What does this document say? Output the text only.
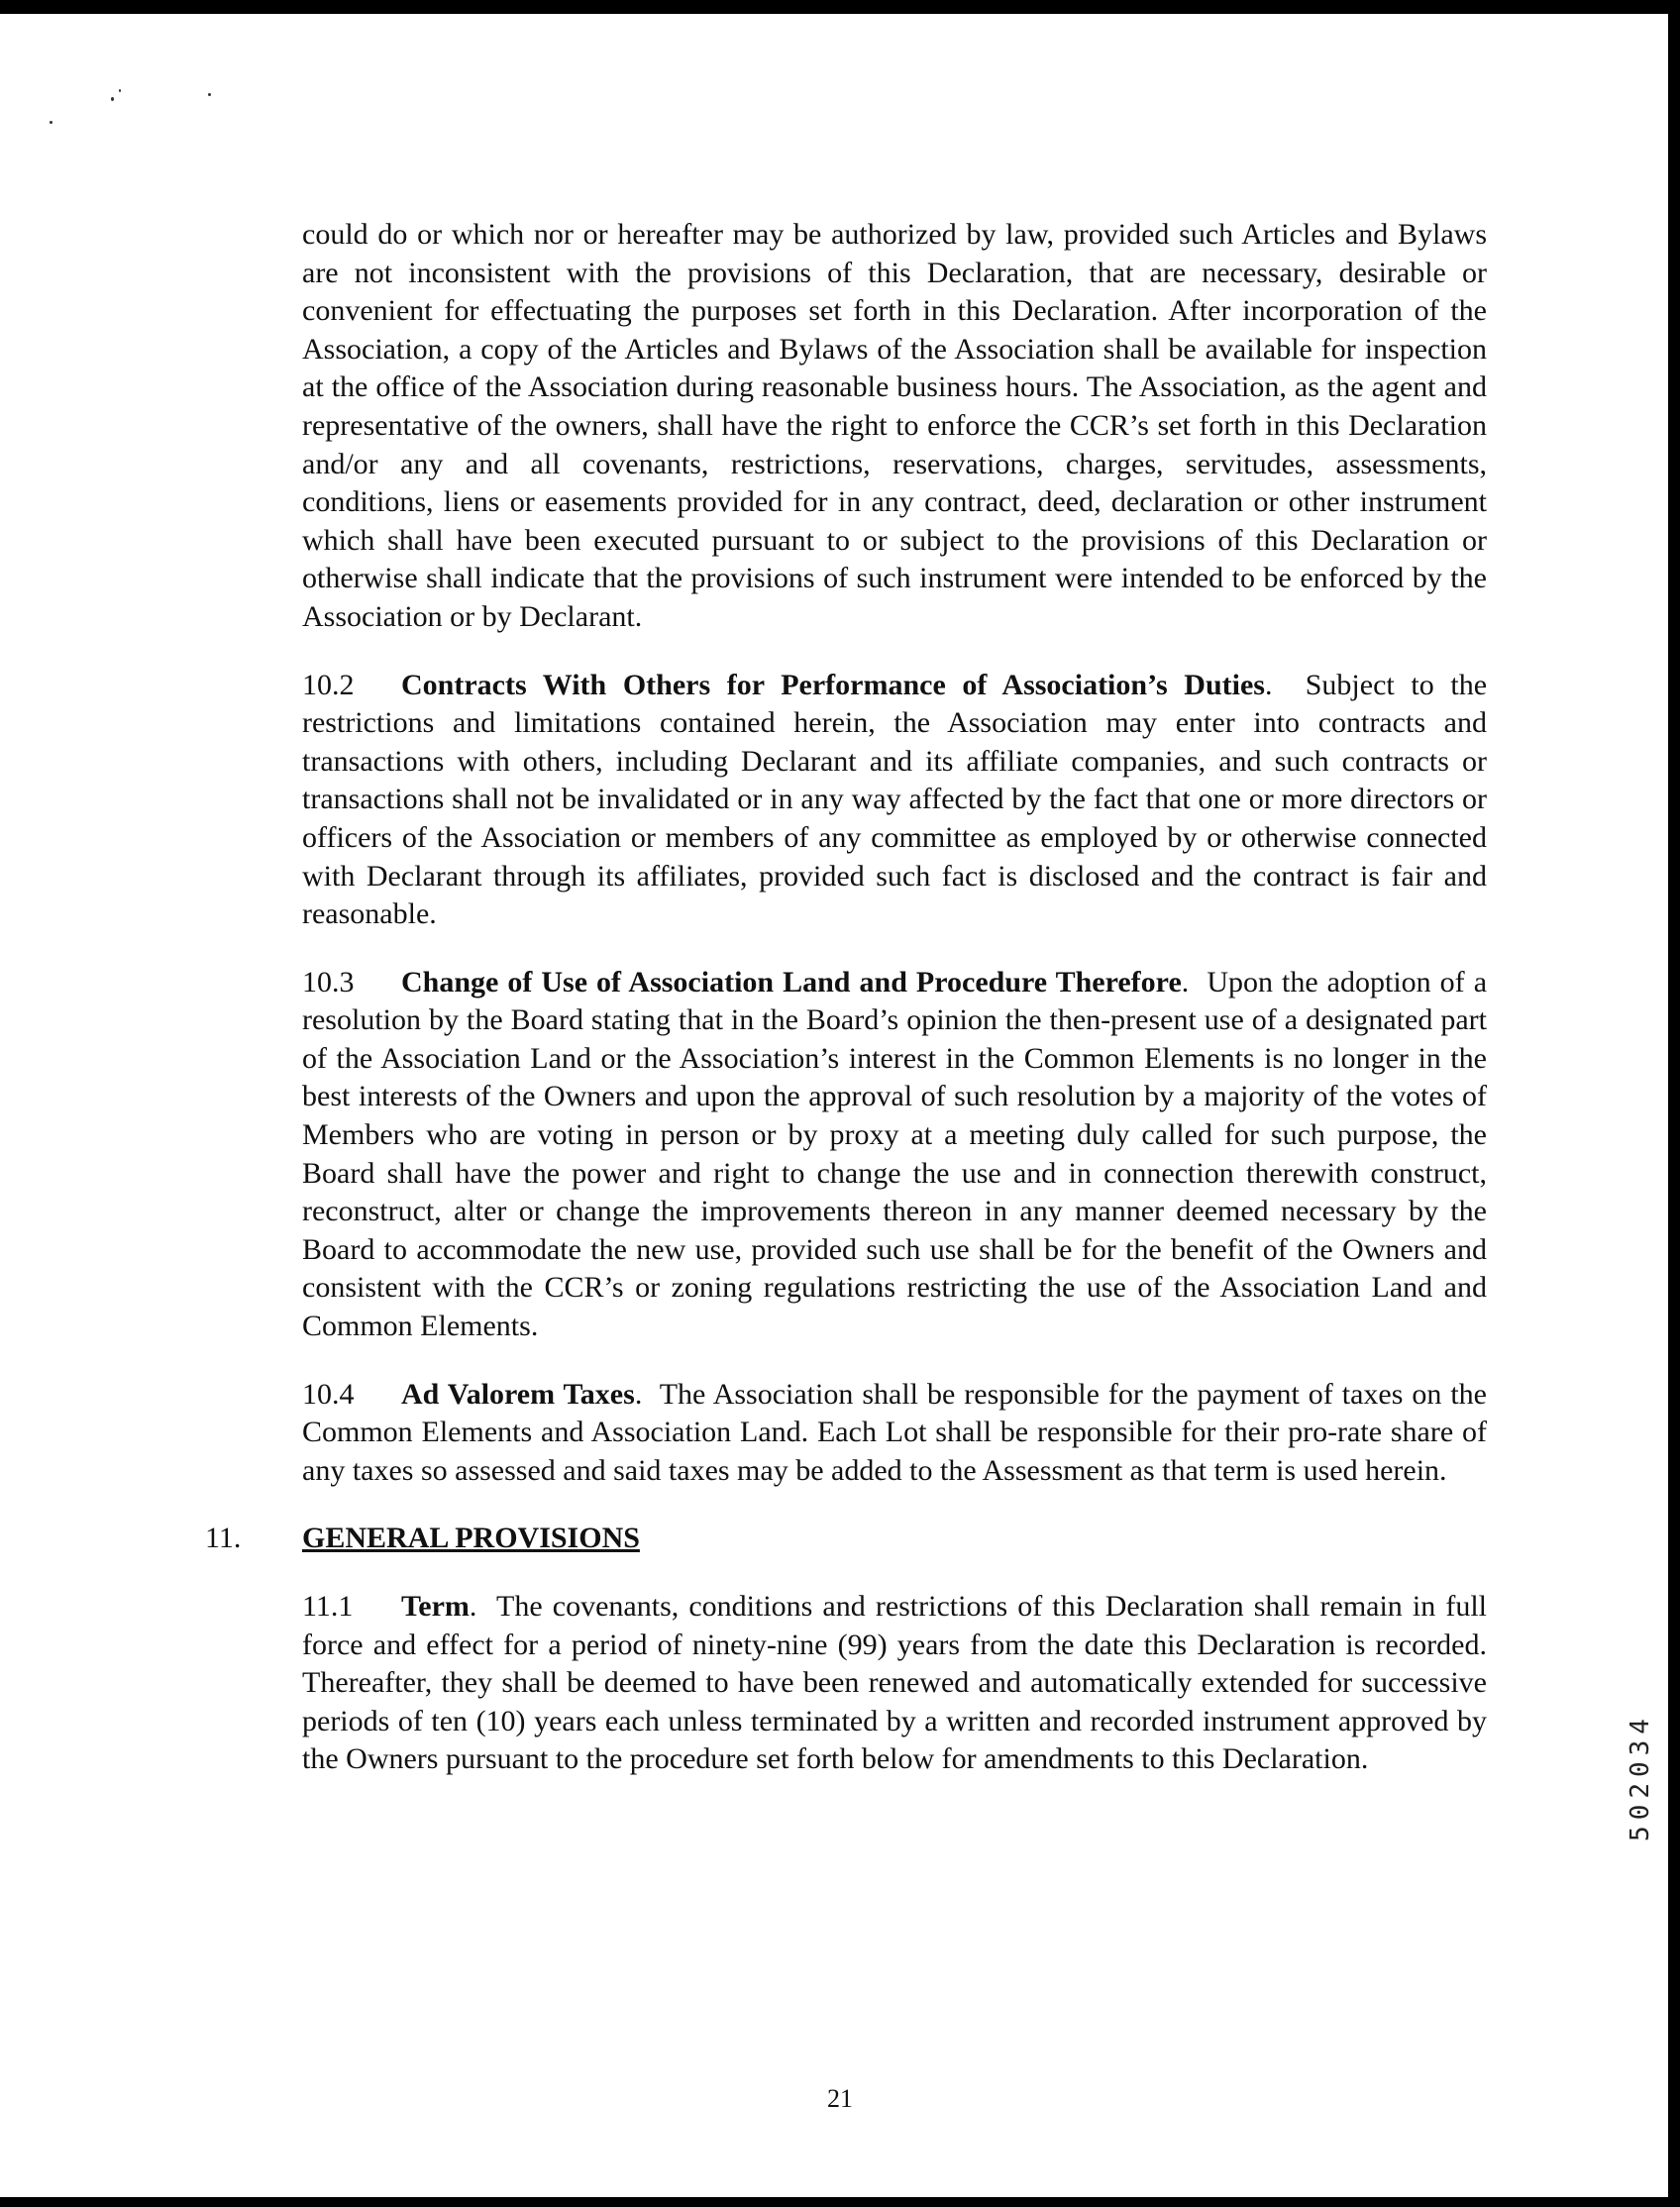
could do or which nor or hereafter may be authorized by law, provided such Articles and Bylaws are not inconsistent with the provisions of this Declaration, that are necessary, desirable or convenient for effectuating the purposes set forth in this Declaration. After incorporation of the Association, a copy of the Articles and Bylaws of the Association shall be available for inspection at the office of the Association during reasonable business hours. The Association, as the agent and representative of the owners, shall have the right to enforce the CCR’s set forth in this Declaration and/or any and all covenants, restrictions, reservations, charges, servitudes, assessments, conditions, liens or easements provided for in any contract, deed, declaration or other instrument which shall have been executed pursuant to or subject to the provisions of this Declaration or otherwise shall indicate that the provisions of such instrument were intended to be enforced by the Association or by Declarant.

10.2 Contracts With Others for Performance of Association’s Duties.  Subject to the restrictions and limitations contained herein, the Association may enter into contracts and transactions with others, including Declarant and its affiliate companies, and such contracts or transactions shall not be invalidated or in any way affected by the fact that one or more directors or officers of the Association or members of any committee as employed by or otherwise connected with Declarant through its affiliates, provided such fact is disclosed and the contract is fair and reasonable.

10.3 Change of Use of Association Land and Procedure Therefore.  Upon the adoption of a resolution by the Board stating that in the Board’s opinion the then-present use of a designated part of the Association Land or the Association’s interest in the Common Elements is no longer in the best interests of the Owners and upon the approval of such resolution by a majority of the votes of Members who are voting in person or by proxy at a meeting duly called for such purpose, the Board shall have the power and right to change the use and in connection therewith construct, reconstruct, alter or change the improvements thereon in any manner deemed necessary by the Board to accommodate the new use, provided such use shall be for the benefit of the Owners and consistent with the CCR’s or zoning regulations restricting the use of the Association Land and Common Elements.

10.4 Ad Valorem Taxes.  The Association shall be responsible for the payment of taxes on the Common Elements and Association Land. Each Lot shall be responsible for their pro-rate share of any taxes so assessed and said taxes may be added to the Assessment as that term is used herein.

11. GENERAL PROVISIONS

11.1 Term.  The covenants, conditions and restrictions of this Declaration shall remain in full force and effect for a period of ninety-nine (99) years from the date this Declaration is recorded. Thereafter, they shall be deemed to have been renewed and automatically extended for successive periods of ten (10) years each unless terminated by a written and recorded instrument approved by the Owners pursuant to the procedure set forth below for amendments to this Declaration.

21
502034
